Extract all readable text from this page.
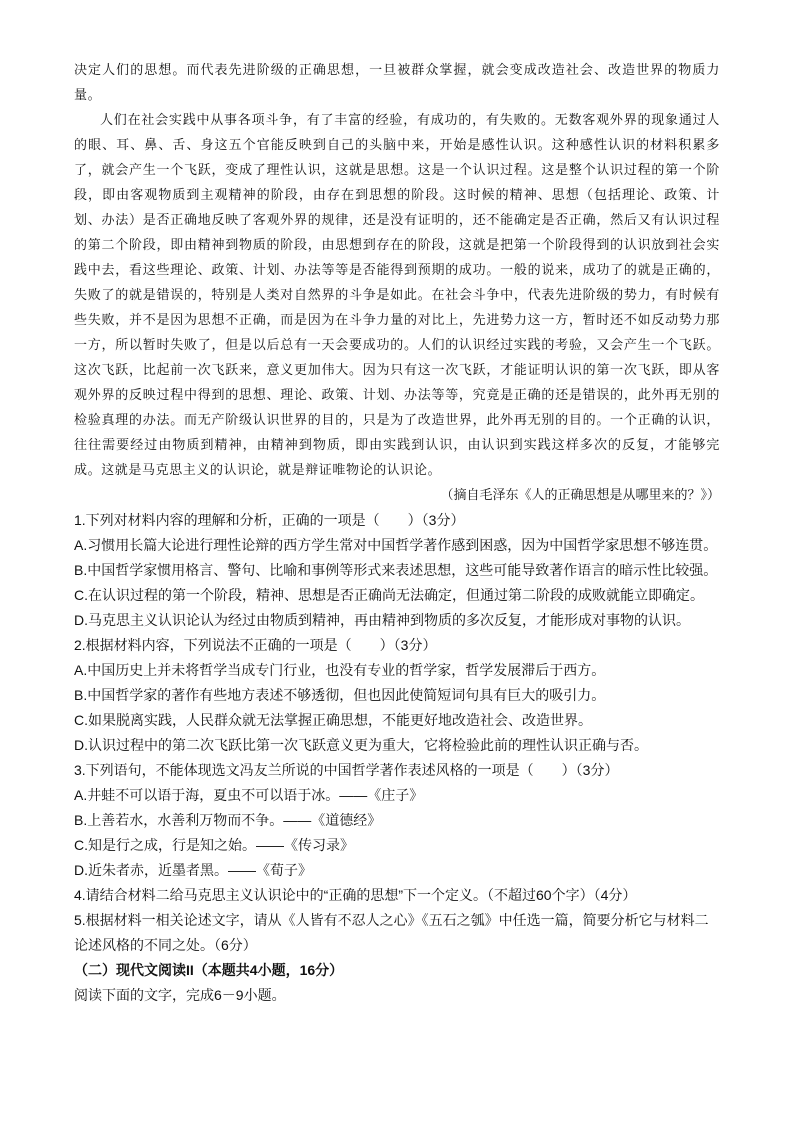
决定人们的思想。而代表先进阶级的正确思想，一旦被群众掌握，就会变成改造社会、改造世界的物质力量。

人们在社会实践中从事各项斗争，有了丰富的经验，有成功的，有失败的。无数客观外界的现象通过人的眼、耳、鼻、舌、身这五个官能反映到自己的头脑中来，开始是感性认识。这种感性认识的材料积累多了，就会产生一个飞跃，变成了理性认识，这就是思想。这是一个认识过程。这是整个认识过程的第一个阶段，即由客观物质到主观精神的阶段，由存在到思想的阶段。这时候的精神、思想（包括理论、政策、计划、办法）是否正确地反映了客观外界的规律，还是没有证明的，还不能确定是否正确，然后又有认识过程的第二个阶段，即由精神到物质的阶段，由思想到存在的阶段，这就是把第一个阶段得到的认识放到社会实践中去，看这些理论、政策、计划、办法等等是否能得到预期的成功。一般的说来，成功了的就是正确的，失败了的就是错误的，特别是人类对自然界的斗争是如此。在社会斗争中，代表先进阶级的势力，有时候有些失败，并不是因为思想不正确，而是因为在斗争力量的对比上，先进势力这一方，暂时还不如反动势力那一方，所以暂时失败了，但是以后总有一天会要成功的。人们的认识经过实践的考验，又会产生一个飞跃。这次飞跃，比起前一次飞跃来，意义更加伟大。因为只有这一次飞跃，才能证明认识的第一次飞跃，即从客观外界的反映过程中得到的思想、理论、政策、计划、办法等等，究竟是正确的还是错误的，此外再无别的检验真理的办法。而无产阶级认识世界的目的，只是为了改造世界，此外再无别的目的。一个正确的认识，往往需要经过由物质到精神，由精神到物质，即由实践到认识，由认识到实践这样多次的反复，才能够完成。这就是马克思主义的认识论，就是辩证唯物论的认识论。

（摘自毛泽东《人的正确思想是从哪里来的？》）

1.下列对材料内容的理解和分析，正确的一项是（　　）（3分）

A.习惯用长篇大论进行理性论辩的西方学生常对中国哲学著作感到困惑，因为中国哲学家思想不够连贯。

B.中国哲学家惯用格言、警句、比喻和事例等形式来表述思想，这些可能导致著作语言的暗示性比较强。

C.在认识过程的第一个阶段，精神、思想是否正确尚无法确定，但通过第二阶段的成败就能立即确定。

D.马克思主义认识论认为经过由物质到精神，再由精神到物质的多次反复，才能形成对事物的认识。

2.根据材料内容，下列说法不正确的一项是（　　）（3分）

A.中国历史上并未将哲学当成专门行业，也没有专业的哲学家，哲学发展滞后于西方。

B.中国哲学家的著作有些地方表述不够透彻，但也因此使简短词句具有巨大的吸引力。

C.如果脱离实践，人民群众就无法掌握正确思想，不能更好地改造社会、改造世界。

D.认识过程中的第二次飞跃比第一次飞跃意义更为重大，它将检验此前的理性认识正确与否。

3.下列语句，不能体现选文冯友兰所说的中国哲学著作表述风格的一项是（　　）（3分）

A.井蛙不可以语于海，夏虫不可以语于冰。——《庄子》

B.上善若水，水善利万物而不争。——《道德经》

C.知是行之成，行是知之始。——《传习录》

D.近朱者赤，近墨者黑。——《荀子》

4.请结合材料二给马克思主义认识论中的“正确的思想”下一个定义。（不超过60个字）（4分）

5.根据材料一相关论述文字，请从《人皆有不忍人之心》《五石之瓠》中任选一篇，简要分析它与材料二论述风格的不同之处。（6分）

（二）现代文阅读II（本题共4小题，16分）

阅读下面的文字，完成6－9小题。
